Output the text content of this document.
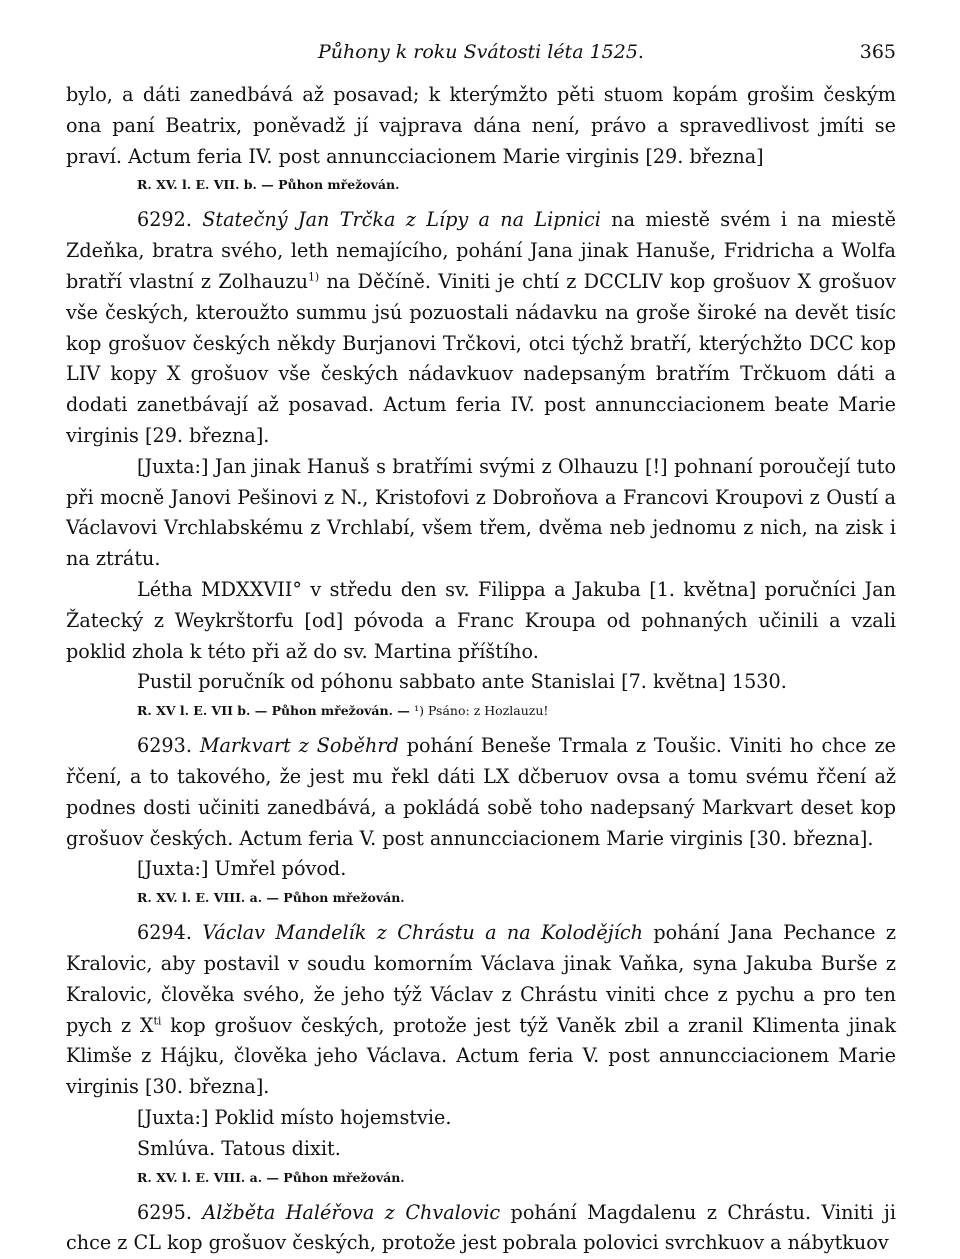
Půhony k roku Svátosti léta 1525.	365

bylo, a dáti zanedbává až posavad; k kterýmžto pěti stuom kopám grošim českým ona paní Beatrix, poněvadž jí vajprava dána není, právo a spravedlivost jmíti se praví. Actum feria IV. post annuncciacionem Marie virginis [29. března]

R. XV. l. E. VII. b. — Půhon mřežován.

6292. Statečný Jan Trčka z Lípy a na Lipnici na miestě svém i na miestě Zdeňka, bratra svého, leth nemajícího, pohání Jana jinak Hanuše, Fridricha a Wolfa bratří vlastní z Zolhauzu$^{1)}$ na Děčíně. Viniti je chtí z DCCLIV kop grošuov X grošuov vše českých, kteroužto summu jsú pozuostali nádavku na groše široké na devět tisíc kop grošuov českých někdy Burjanovi Trčkovi, otci týchž bratří, kterýchžto DCC kop LIV kopy X grošuov vše českých nádavkuov nadepsaným bratřím Trčkuom dáti a dodati zanetbávají až posavad. Actum feria IV. post annuncciacionem beate Marie virginis [29. března].

[Juxta:] Jan jinak Hanuš s bratřími svými z Olhauzu [!] pohnaní poroučejí tuto při mocně Janovi Pešinovi z N., Kristofovi z Dobroňova a Francovi Kroupovi z Oustí a Václavovi Vrchlabskému z Vrchlabí, všem třem, dvěma neb jednomu z nich, na zisk i na ztrátu.

Létha MDXXVII° v středu den sv. Filippa a Jakuba [1. května] poručníci Jan Žatecký z Weykrštorfu [od] póvoda a Franc Kroupa od pohnaných učinili a vzali poklid zhola k této při až do sv. Martina příštího.

Pustil poručník od póhonu sabbato ante Stanislai [7. května] 1530.

R. XV l. E. VII b. — Půhon mřežován. — ¹) Psáno: z Hozlauzu!

6293. Markvart z Soběhrd pohání Beneše Trmala z Toušic. Viniti ho chce ze řčení, a to takového, že jest mu řekl dáti LX dčberuov ovsa a tomu svému řčení až podnes dosti učiniti zanedbává, a pokládá sobě toho nadepsaný Markvart deset kop grošuov českých. Actum feria V. post annuncciacionem Marie virginis [30. března].

[Juxta:] Umřel póvod.

R. XV. l. E. VIII. a. — Půhon mřežován.

6294. Václav Mandelík z Chrástu a na Kolodějích pohání Jana Pechance z Kralovic, aby postavil v soudu komorním Václava jinak Vaňka, syna Jakuba Burše z Kralovic, člověka svého, že jeho týž Václav z Chrástu viniti chce z pychu a pro ten pych z $X^{ti}$ kop grošuov českých, protože jest týž Vaněk zbil a zranil Klimenta jinak Klimše z Hájku, člověka jeho Václava. Actum feria V. post annuncciacionem Marie virginis [30. března].

[Juxta:] Poklid místo hojemstvie.

Smlúva. Tatous dixit.

R. XV. l. E. VIII. a. — Půhon mřežován.

6295. Alžběta Haléřova z Chvalovic pohání Magdalenu z Chrástu. Viniti ji chce z CL kop grošuov českých, protože jest pobrala polovici svrchkuov a nábytkuov
